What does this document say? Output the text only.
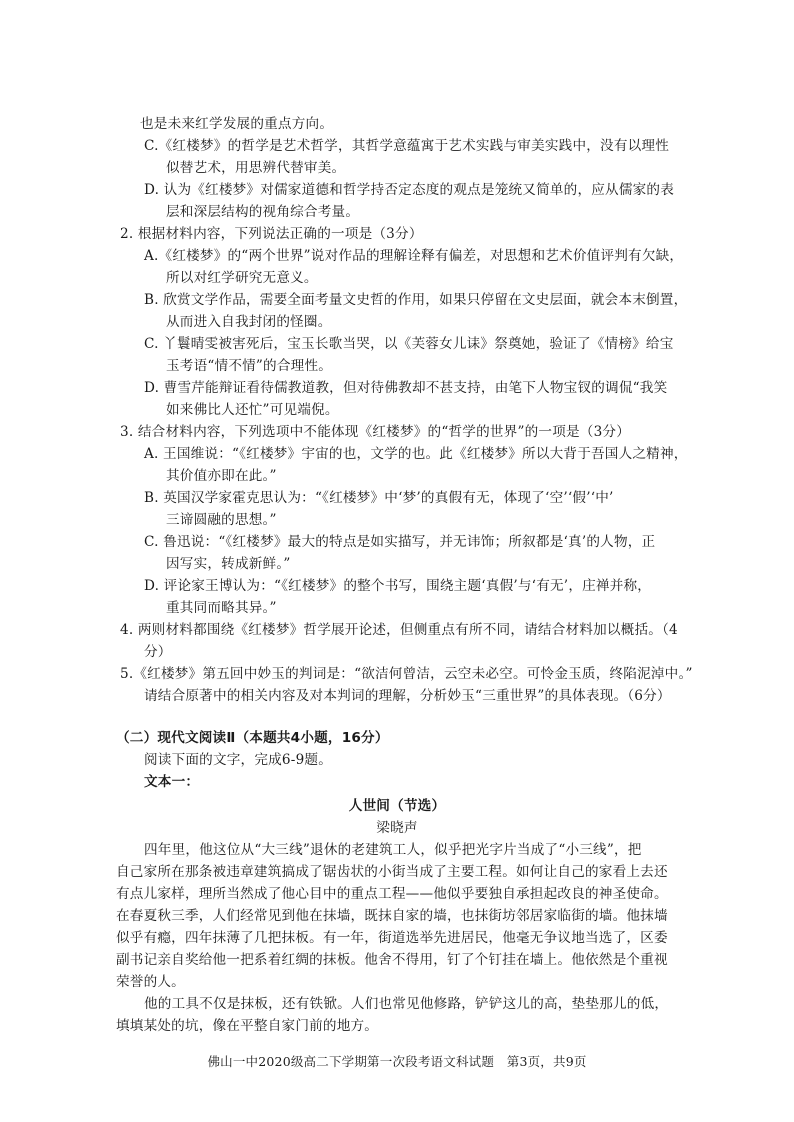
也是未来红学发展的重点方向。
C.《红楼梦》的哲学是艺术哲学，其哲学意蕴寓于艺术实践与审美实践中，没有以理性
似替艺术，用思辨代替审美。
D. 认为《红楼梦》对儒家道德和哲学持否定态度的观点是笼统又简单的，应从儒家的表
层和深层结构的视角综合考量。
2. 根据材料内容，下列说法正确的一项是（3分）
A.《红楼梦》的“两个世界”说对作品的理解诠释有偏差，对思想和艺术价值评判有欠缺，
所以对红学研究无意义。
B. 欣赏文学作品，需要全面考量文史哲的作用，如果只停留在文史层面，就会本末倒置，
从而进入自我封闭的怪圈。
C. 丫鬟晴雯被害死后，宝玉长歌当哭，以《芙蓉女儿诔》祭奠她，验证了《情榜》给宝
玉考语“情不情”的合理性。
D. 曹雪芹能辩证看待儒教道教，但对待佛教却不甚支持，由笔下人物宝钗的调侃“我笑
如来佛比人还忙”可见端倪。
3. 结合材料内容，下列选项中不能体现《红楼梦》的“哲学的世界”的一项是（3分）
A. 王国维说：“《红楼梦》宇宙的也，文学的也。此《红楼梦》所以大背于吾国人之精神，
其价值亦即在此。”
B. 英国汉学家霍克思认为：“《红楼梦》中‘梦’的真假有无，体现了‘空’‘假’‘中’
三谛圆融的思想。”
C. 鲁迅说：“《红楼梦》最大的特点是如实描写，并无讳饰；所叙都是‘真’的人物，正
因写实，转成新鲜。”
D. 评论家王博认为：“《红楼梦》的整个书写，围绕主题‘真假’与‘有无’，庄禅并称，
重其同而略其异。”
4. 两则材料都围绕《红楼梦》哲学展开论述，但侧重点有所不同，请结合材料加以概括。（4
分）
5.《红楼梦》第五回中妙玉的判词是：“欲洁何曾洁，云空未必空。可怜金玉质，终陷泥淖中。”
请结合原著中的相关内容及对本判词的理解，分析妙玉“三重世界”的具体表现。（6分）
（二）现代文阅读Ⅱ（本题共4小题，16分）
阅读下面的文字，完成6-9题。
文本一：
人世间（节选）
梁晓声
四年里，他这位从“大三线”退休的老建筑工人，似乎把光字片当成了“小三线”，把
自己家所在那条被违章建筑搞成了锯齿状的小街当成了主要工程。如何让自己的家看上去还
有点儿家样，理所当然成了他心目中的重点工程——他似乎要独自承担起改良的神圣使命。
在春夏秋三季，人们经常见到他在抹墙，既抹自家的墙，也抹街坊邻居家临街的墙。他抹墙
似乎有瘾，四年抹薄了几把抹板。有一年，街道选举先进居民，他毫无争议地当选了，区委
副书记亲自奖给他一把系着红绸的抹板。他舍不得用，钉了个钉挂在墙上。他依然是个重视
荣誉的人。
他的工具不仅是抹板，还有铁锨。人们也常见他修路，铲铲这儿的高，垫垫那儿的低，
填填某处的坑，像在平整自家门前的地方。
佛山一中2020级高二下学期第一次段考语文科试题　第3页，共9页
